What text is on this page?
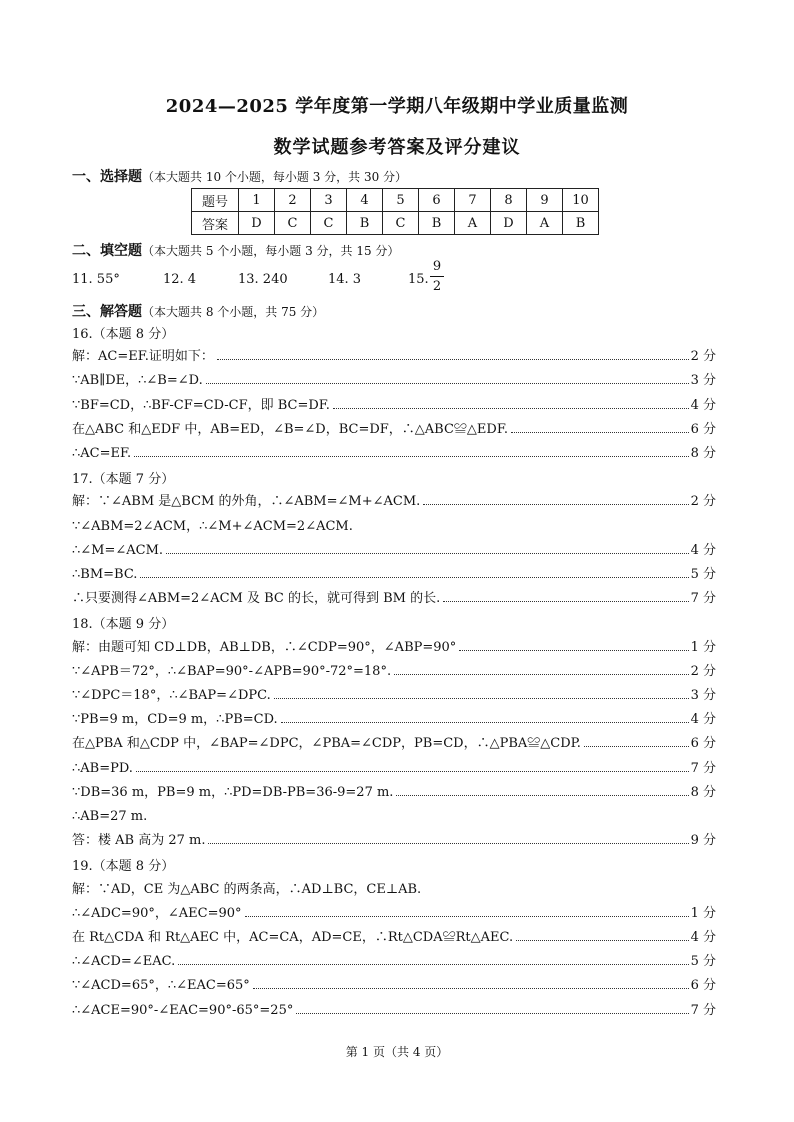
2024—2025 学年度第一学期八年级期中学业质量监测
数学试题参考答案及评分建议
一、选择题（本大题共 10 个小题，每小题 3 分，共 30 分）
题号	1	2	3	4	5	6	7	8	9	10
答案	D	C	C	B	C	B	A	D	A	B
二、填空题（本大题共 5 个小题，每小题 3 分，共 15 分）
11. 55°	12. 4	13. 240	14. 3	15.
9
2
三、解答题（本大题共 8 个小题，共 75 分）
16.（本题 8 分）
解：AC=EF.证明如下：	2 分
∵AB∥DE，∴∠B=∠D.	3 分
∵BF=CD，∴BF-CF=CD-CF，即 BC=DF.	4 分
在△ABC 和△EDF 中，AB=ED，∠B=∠D，BC=DF，∴△ABC≌△EDF.	6 分
∴AC=EF.	8 分
17.（本题 7 分）
解：∵∠ABM 是△BCM 的外角，∴∠ABM=∠M+∠ACM.	2 分
∵∠ABM=2∠ACM，∴∠M+∠ACM=2∠ACM.
∴∠M=∠ACM.	4 分
∴BM=BC.	5 分
∴只要测得∠ABM=2∠ACM 及 BC 的长，就可得到 BM 的长.	7 分
18.（本题 9 分）
解：由题可知 CD⊥DB，AB⊥DB，∴∠CDP=90°，∠ABP=90°	1 分
∵∠APB＝72°，∴∠BAP=90°-∠APB=90°-72°=18°.	2 分
∵∠DPC＝18°，∴∠BAP=∠DPC.	3 分
∵PB=9 m，CD=9 m，∴PB=CD.	4 分
在△PBA 和△CDP 中，∠BAP=∠DPC，∠PBA=∠CDP，PB=CD，∴△PBA≌△CDP.	6 分
∴AB=PD.	7 分
∵DB=36 m，PB=9 m，∴PD=DB-PB=36-9=27 m.	8 分
∴AB=27 m.
答：楼 AB 高为 27 m.	9 分
19.（本题 8 分）
解：∵AD，CE 为△ABC 的两条高，∴AD⊥BC，CE⊥AB.
∴∠ADC=90°，∠AEC=90°	1 分
在 Rt△CDA 和 Rt△AEC 中，AC=CA，AD=CE，∴Rt△CDA≌Rt△AEC.	4 分
∴∠ACD=∠EAC.	5 分
∵∠ACD=65°，∴∠EAC=65°	6 分
∴∠ACE=90°-∠EAC=90°-65°=25°	7 分
第 1 页（共 4 页）
